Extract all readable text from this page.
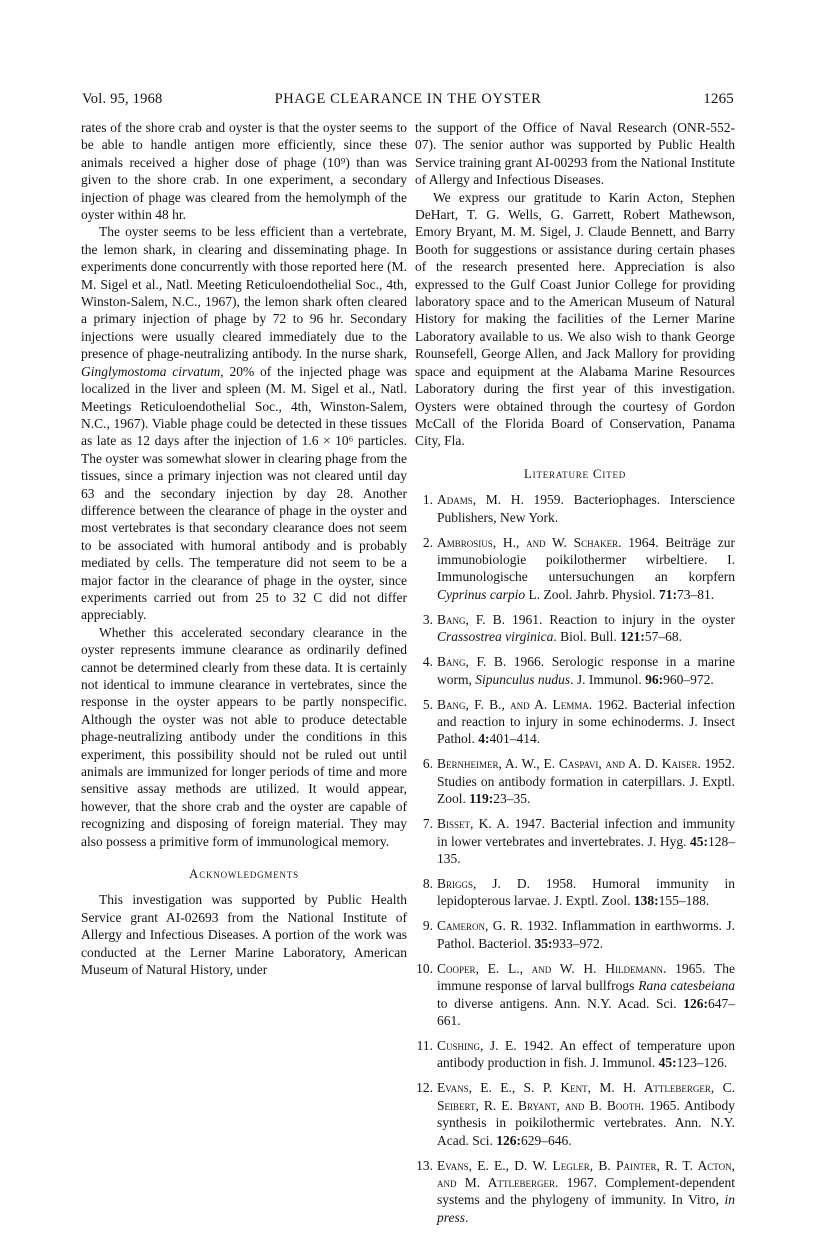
Vol. 95, 1968	PHAGE CLEARANCE IN THE OYSTER	1265

rates of the shore crab and oyster is that the oyster seems to be able to handle antigen more efficiently, since these animals received a higher dose of phage (10⁹) than was given to the shore crab. In one experiment, a secondary injection of phage was cleared from the hemolymph of the oyster within 48 hr.

The oyster seems to be less efficient than a vertebrate, the lemon shark, in clearing and disseminating phage. In experiments done concurrently with those reported here (M. M. Sigel et al., Natl. Meeting Reticuloendothelial Soc., 4th, Winston-Salem, N.C., 1967), the lemon shark often cleared a primary injection of phage by 72 to 96 hr. Secondary injections were usually cleared immediately due to the presence of phage-neutralizing antibody. In the nurse shark, Ginglymostoma cirvatum, 20% of the injected phage was localized in the liver and spleen (M. M. Sigel et al., Natl. Meetings Reticuloendothelial Soc., 4th, Winston-Salem, N.C., 1967). Viable phage could be detected in these tissues as late as 12 days after the injection of 1.6 × 10⁶ particles. The oyster was somewhat slower in clearing phage from the tissues, since a primary injection was not cleared until day 63 and the secondary injection by day 28. Another difference between the clearance of phage in the oyster and most vertebrates is that secondary clearance does not seem to be associated with humoral antibody and is probably mediated by cells. The temperature did not seem to be a major factor in the clearance of phage in the oyster, since experiments carried out from 25 to 32 C did not differ appreciably.

Whether this accelerated secondary clearance in the oyster represents immune clearance as ordinarily defined cannot be determined clearly from these data. It is certainly not identical to immune clearance in vertebrates, since the response in the oyster appears to be partly nonspecific. Although the oyster was not able to produce detectable phage-neutralizing antibody under the conditions in this experiment, this possibility should not be ruled out until animals are immunized for longer periods of time and more sensitive assay methods are utilized. It would appear, however, that the shore crab and the oyster are capable of recognizing and disposing of foreign material. They may also possess a primitive form of immunological memory.

Acknowledgments

This investigation was supported by Public Health Service grant AI-02693 from the National Institute of Allergy and Infectious Diseases. A portion of the work was conducted at the Lerner Marine Laboratory, American Museum of Natural History, under

the support of the Office of Naval Research (ONR-552-07). The senior author was supported by Public Health Service training grant AI-00293 from the National Institute of Allergy and Infectious Diseases.

We express our gratitude to Karin Acton, Stephen DeHart, T. G. Wells, G. Garrett, Robert Mathewson, Emory Bryant, M. M. Sigel, J. Claude Bennett, and Barry Booth for suggestions or assistance during certain phases of the research presented here. Appreciation is also expressed to the Gulf Coast Junior College for providing laboratory space and to the American Museum of Natural History for making the facilities of the Lerner Marine Laboratory available to us. We also wish to thank George Rounsefell, George Allen, and Jack Mallory for providing space and equipment at the Alabama Marine Resources Laboratory during the first year of this investigation. Oysters were obtained through the courtesy of Gordon McCall of the Florida Board of Conservation, Panama City, Fla.

Literature Cited
1. Adams, M. H. 1959. Bacteriophages. Interscience Publishers, New York.
2. Ambrosius, H., and W. Schaker. 1964. Beiträge zur immunobiologie poikilothermer wirbeltiere. I. Immunologische untersuchungen an korpfern Cyprinus carpio L. Zool. Jahrb. Physiol. 71:73–81.
3. Bang, F. B. 1961. Reaction to injury in the oyster Crassostrea virginica. Biol. Bull. 121:57–68.
4. Bang, F. B. 1966. Serologic response in a marine worm, Sipunculus nudus. J. Immunol. 96:960–972.
5. Bang, F. B., and A. Lemma. 1962. Bacterial infection and reaction to injury in some echinoderms. J. Insect Pathol. 4:401–414.
6. Bernheimer, A. W., E. Caspavi, and A. D. Kaiser. 1952. Studies on antibody formation in caterpillars. J. Exptl. Zool. 119:23–35.
7. Bisset, K. A. 1947. Bacterial infection and immunity in lower vertebrates and invertebrates. J. Hyg. 45:128–135.
8. Briggs, J. D. 1958. Humoral immunity in lepidopterous larvae. J. Exptl. Zool. 138:155–188.
9. Cameron, G. R. 1932. Inflammation in earthworms. J. Pathol. Bacteriol. 35:933–972.
10. Cooper, E. L., and W. H. Hildemann. 1965. The immune response of larval bullfrogs Rana catesbeiana to diverse antigens. Ann. N.Y. Acad. Sci. 126:647–661.
11. Cushing, J. E. 1942. An effect of temperature upon antibody production in fish. J. Immunol. 45:123–126.
12. Evans, E. E., S. P. Kent, M. H. Attleberger, C. Seibert, R. E. Bryant, and B. Booth. 1965. Antibody synthesis in poikilothermic vertebrates. Ann. N.Y. Acad. Sci. 126:629–646.
13. Evans, E. E., D. W. Legler, B. Painter, R. T. Acton, and M. Attleberger. 1967. Complement-dependent systems and the phylogeny of immunity. In Vitro, in press.
